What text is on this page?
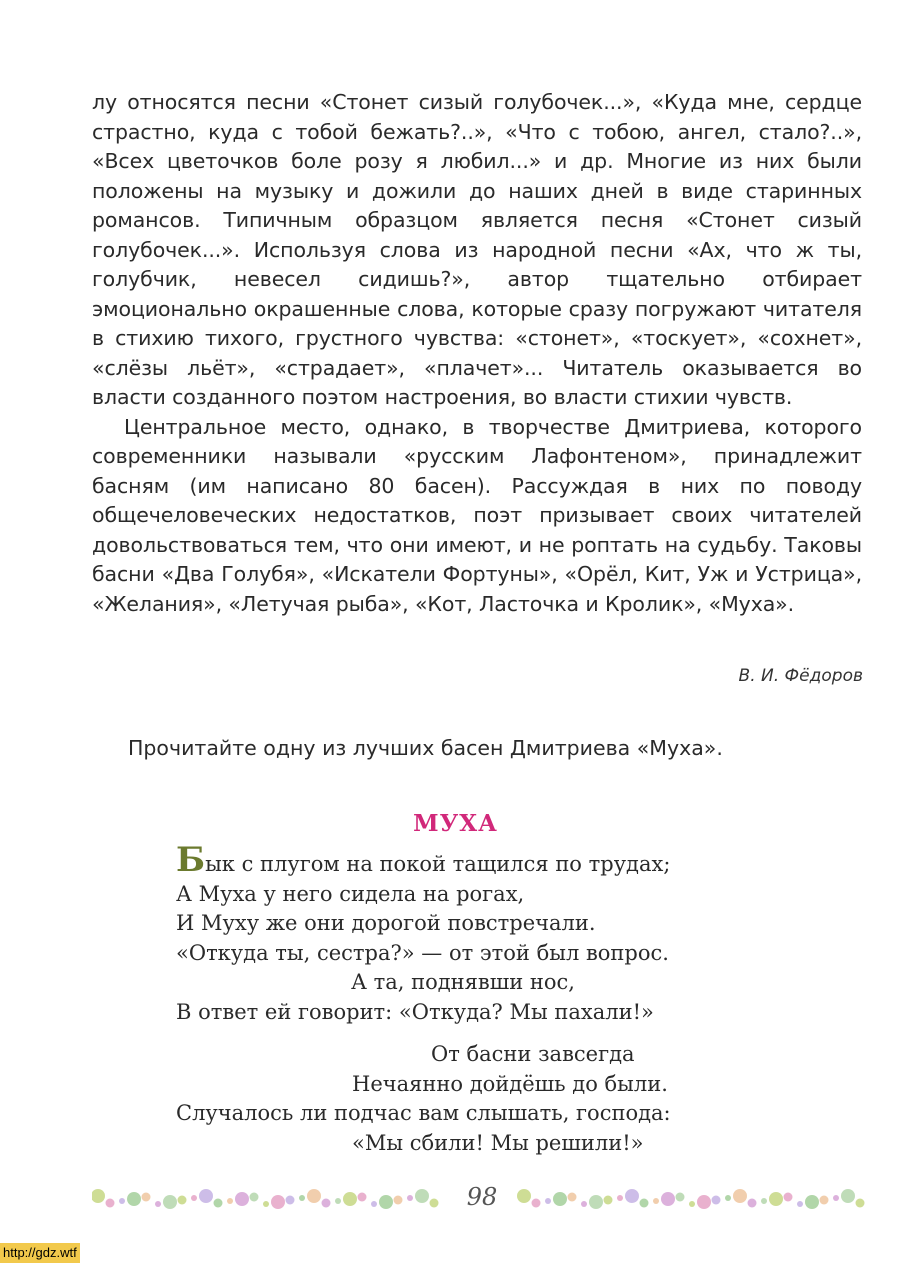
лу относятся песни «Стонет сизый голубочек...», «Куда мне, сердце страстно, куда с тобой бежать?..», «Что с тобою, ангел, стало?..», «Всех цветочков боле розу я любил...» и др. Многие из них были положены на музыку и дожили до наших дней в виде старинных романсов. Типичным образцом является песня «Стонет сизый голубочек...». Используя слова из народной песни «Ах, что ж ты, голубчик, невесел сидишь?», автор тщательно отбирает эмоционально окрашенные слова, которые сразу погружают читателя в стихию тихого, грустного чувства: «стонет», «тоскует», «сохнет», «слёзы льёт», «страдает», «плачет»... Читатель оказывается во власти созданного поэтом настроения, во власти стихии чувств.

Центральное место, однако, в творчестве Дмитриева, которого современники называли «русским Лафонтеном», принадлежит басням (им написано 80 басен). Рассуждая в них по поводу общечеловеческих недостатков, поэт призывает своих читателей довольствоваться тем, что они имеют, и не роптать на судьбу. Таковы басни «Два Голубя», «Искатели Фортуны», «Орёл, Кит, Уж и Устрица», «Желания», «Летучая рыба», «Кот, Ласточка и Кролик», «Муха».

В. И. Фёдоров
Прочитайте одну из лучших басен Дмитриева «Муха».
МУХА
Бык с плугом на покой тащился по трудах;
А Муха у него сидела на рогах,
И Муху же они дорогой повстречали.
«Откуда ты, сестра?» — от этой был вопрос.
А та, поднявши нос,
В ответ ей говорит: «Откуда? Мы пахали!»
От басни завсегда
Нечаянно дойдёшь до были.
Случалось ли подчас вам слышать, господа:
«Мы сбили! Мы решили!»
98
http://gdz.wtf
